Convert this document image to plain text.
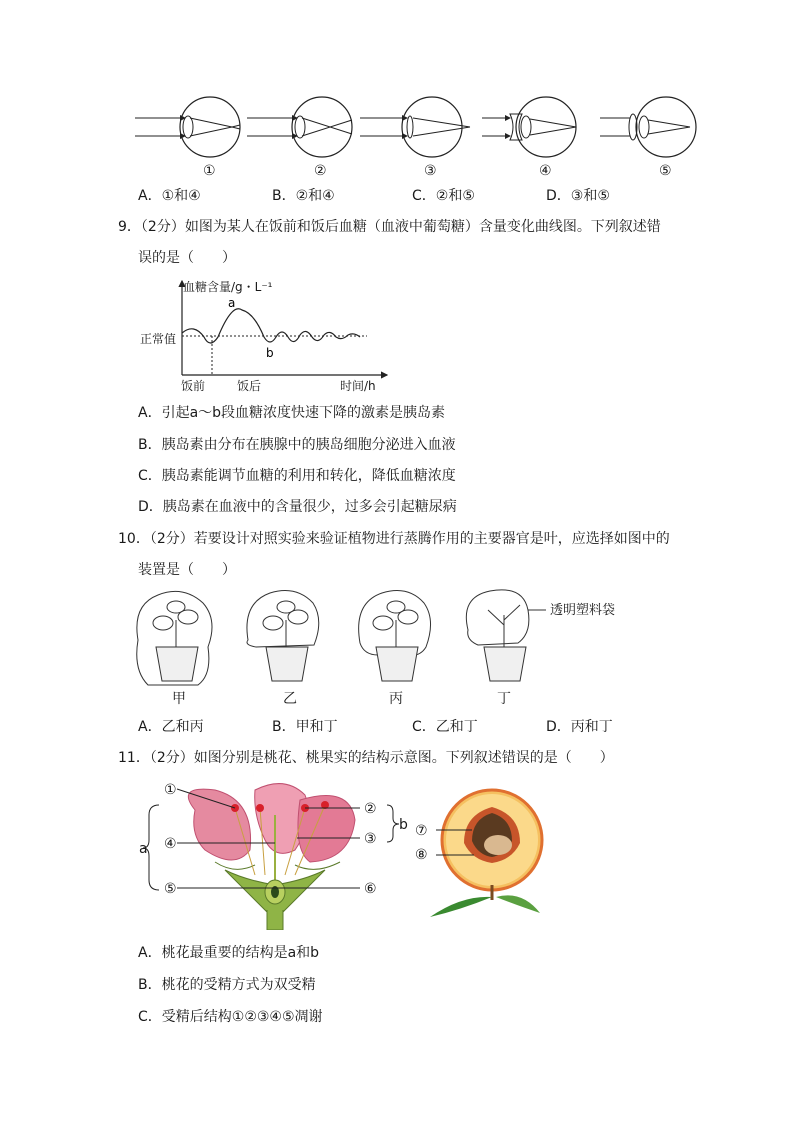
①	②	③	④	⑤
A．①和④	B．②和④	C．②和⑤	D．③和⑤
9．（2分）如图为某人在饭前和饭后血糖（血液中葡萄糖）含量变化曲线图。下列叙述错
误的是（　　）
a
b
血糖含量/g・L⁻¹
正常值
饭前	饭后	时间/h
A．引起a～b段血糖浓度快速下降的激素是胰岛素
B．胰岛素由分布在胰腺中的胰岛细胞分泌进入血液
C．胰岛素能调节血糖的利用和转化，降低血糖浓度
D．胰岛素在血液中的含量很少，过多会引起糖尿病
10．（2分）若要设计对照实验来验证植物进行蒸腾作用的主要器官是叶，应选择如图中的
装置是（　　）
透明塑料袋
甲	乙	丙	丁
A．乙和丙	B．甲和丁	C．乙和丁	D．丙和丁
11．（2分）如图分别是桃花、桃果实的结构示意图。下列叙述错误的是（　　）
a
①
④
⑤
②
③
⑥
b ⑦
⑧
A．桃花最重要的结构是a和b
B．桃花的受精方式为双受精
C．受精后结构①②③④⑤凋谢
